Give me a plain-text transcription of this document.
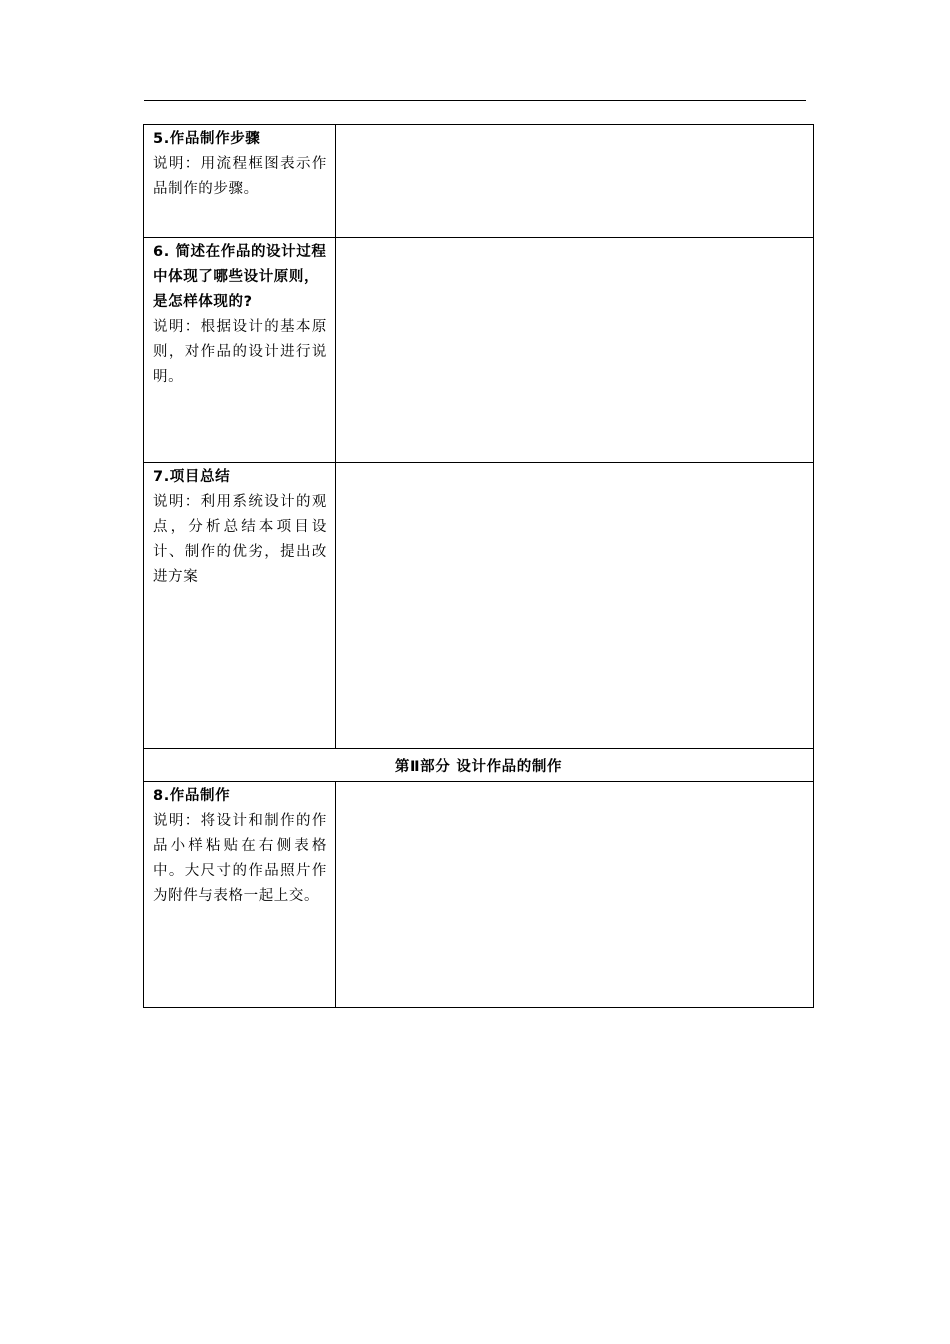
5.作品制作步骤
说明：用流程框图表示作品制作的步骤。	

6. 简述在作品的设计过程中体现了哪些设计原则，是怎样体现的?
说明：根据设计的基本原则，对作品的设计进行说明。	

7.项目总结
说明：利用系统设计的观点，分析总结本项目设计、制作的优劣，提出改进方案	

第Ⅱ部分 设计作品的制作	

8.作品制作
说明：将设计和制作的作品小样粘贴在右侧表格中。大尺寸的作品照片作为附件与表格一起上交。	
